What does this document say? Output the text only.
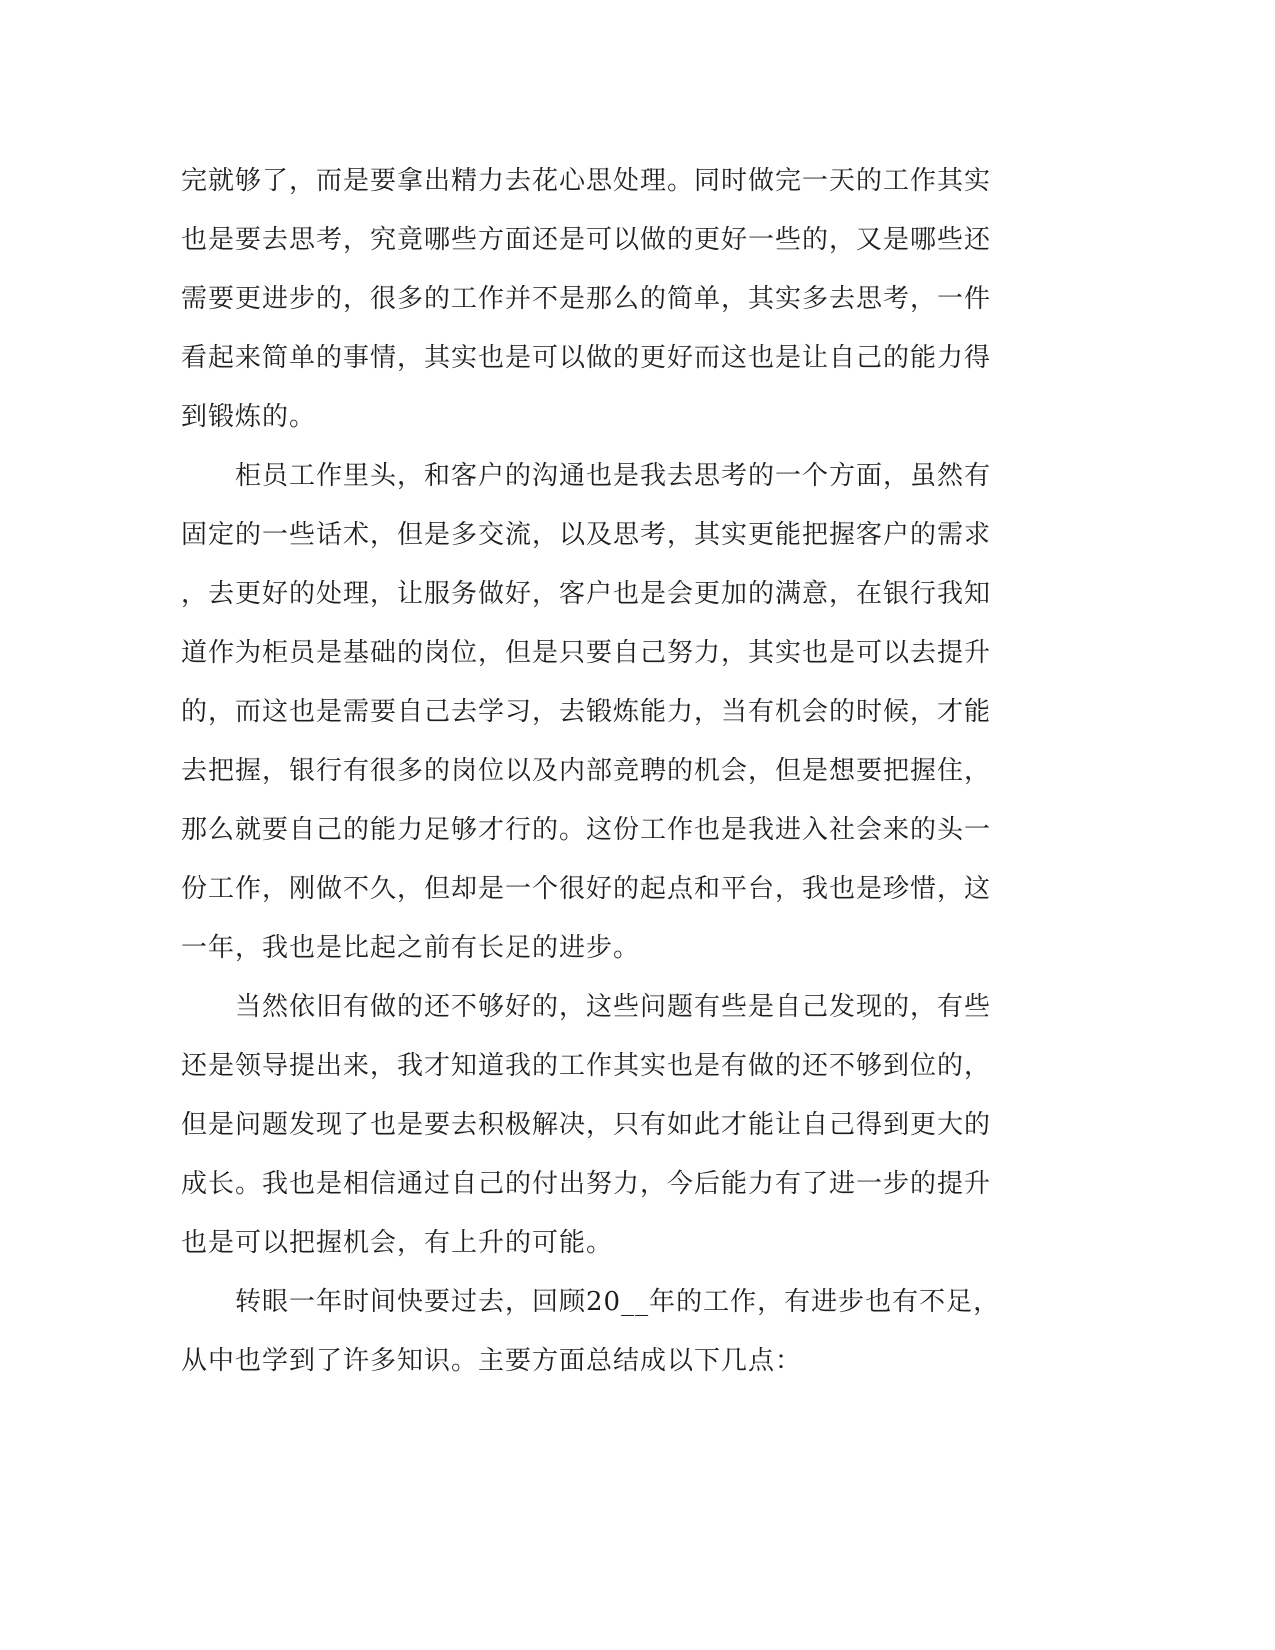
完就够了，而是要拿出精力去花心思处理。同时做完一天的工作其实
也是要去思考，究竟哪些方面还是可以做的更好一些的，又是哪些还
需要更进步的，很多的工作并不是那么的简单，其实多去思考，一件
看起来简单的事情，其实也是可以做的更好而这也是让自己的能力得
到锻炼的。
　　柜员工作里头，和客户的沟通也是我去思考的一个方面，虽然有
固定的一些话术，但是多交流，以及思考，其实更能把握客户的需求
，去更好的处理，让服务做好，客户也是会更加的满意，在银行我知
道作为柜员是基础的岗位，但是只要自己努力，其实也是可以去提升
的，而这也是需要自己去学习，去锻炼能力，当有机会的时候，才能
去把握，银行有很多的岗位以及内部竞聘的机会，但是想要把握住，
那么就要自己的能力足够才行的。这份工作也是我进入社会来的头一
份工作，刚做不久，但却是一个很好的起点和平台，我也是珍惜，这
一年，我也是比起之前有长足的进步。
　　当然依旧有做的还不够好的，这些问题有些是自己发现的，有些
还是领导提出来，我才知道我的工作其实也是有做的还不够到位的，
但是问题发现了也是要去积极解决，只有如此才能让自己得到更大的
成长。我也是相信通过自己的付出努力，今后能力有了进一步的提升
也是可以把握机会，有上升的可能。
　　转眼一年时间快要过去，回顾20__年的工作，有进步也有不足，
从中也学到了许多知识。主要方面总结成以下几点：
